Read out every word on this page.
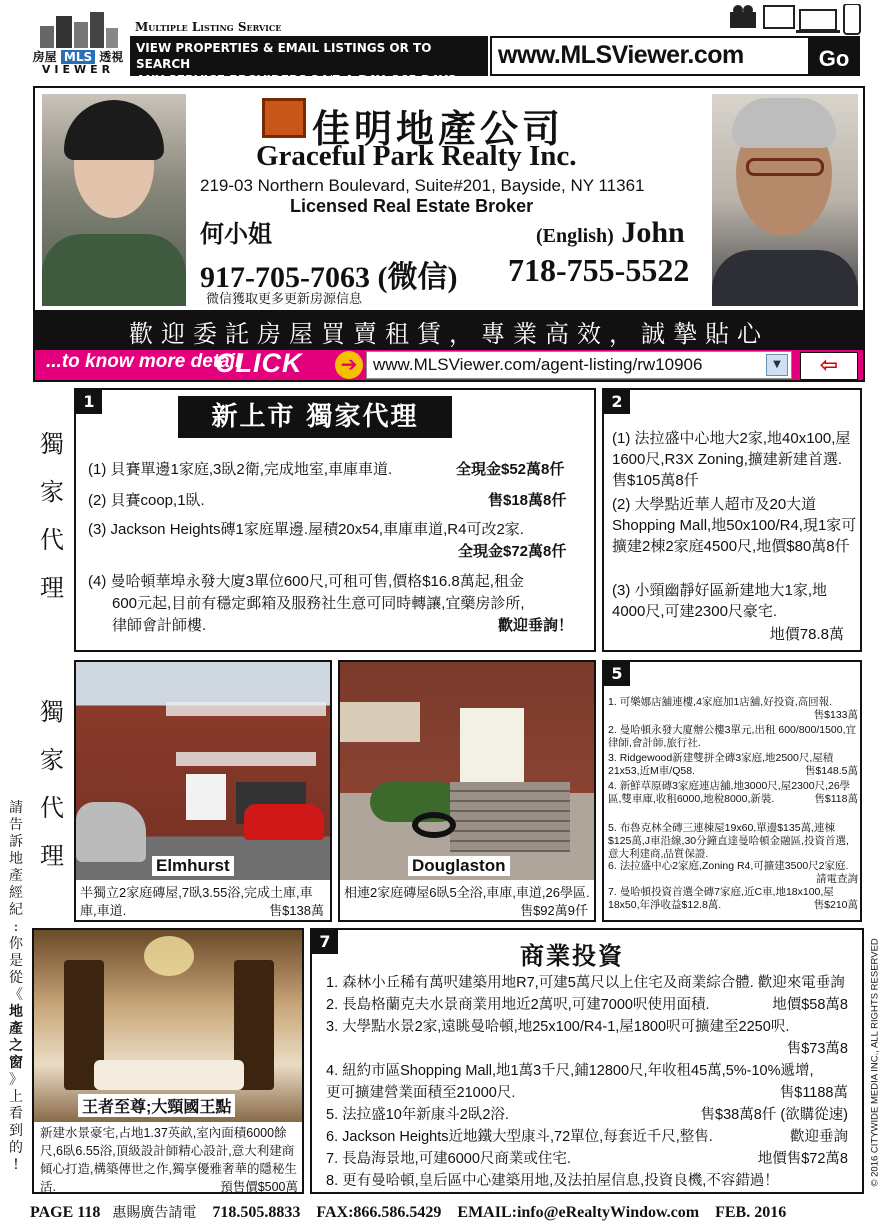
房屋 MLS 透視
VIEWER
Multiple Listing Service
VIEW PROPERTIES & EMAIL LISTINGS OR TO SEARCH
ANY SERVICE PROVIDERS 24/7 A DAY, 365 DAYS
www.MLSViewer.com	Go
佳明地產公司
Graceful Park Realty Inc.
219-03 Northern Boulevard, Suite#201, Bayside, NY 11361
Licensed Real Estate Broker
何小姐
917-705-7063 (微信)
微信獲取更多更新房源信息
(English) John
718-755-5522
歡迎委託房屋買賣租賃，專業高效，誠摯貼心
...to know more detail
CLICK ➔ www.MLSViewer.com/agent-listing/rw10906	▼	⇦
獨
家
代
理
獨
家
代
理
請
告
訴
地
產
經
紀
:
你
是
從
《
地
產
之
窗
》
上
看
到
的
!
1
新上市 獨家代理
(1) 貝賽單邊1家庭,3臥2衛,完成地室,車庫車道.	全現金$52萬8仟
(2) 貝賽coop,1臥.	售$18萬8仟
(3) Jackson Heights磚1家庭單邊.屋積20x54,車庫車道,R4可改2家.
全現金$72萬8仟
(4) 曼哈頓華埠永發大廈3單位600尺,可租可售,價格$16.8萬起,租金
600元起,目前有穩定郵箱及服務社生意可同時轉讓,宜藥房診所,
律師會計師樓.	歡迎垂詢！
2
(1) 法拉盛中心地大2家,地40x100,屋1600尺,R3X Zoning,擴建新建首選.　售$105萬8仟
(2) 大學點近華人超市及20大道Shopping Mall,地50x100/R4,現1家可擴建2棟2家庭4500尺,地價$80萬8仟
(3) 小頸幽靜好區新建地大1家,地4000尺,可建2300尺豪宅.
地價78.8萬
Elmhurst
半獨立2家庭磚屋,7臥3.55浴,完成土庫,車庫,車道.	售$138萬
Douglaston
相連2家庭磚屋6臥5全浴,車庫,車道,26學區.
售$92萬9仟
5
1. 可樂娜店舖連樓,4家庭加1店舖,好投資,高回報.
售$133萬
2. 曼哈頓永發大廈辦公樓3單元,出租 600/800/1500,宜律師,會計師,旅行社.
3. Ridgewood新建雙拼全磚3家庭,地2500尺,屋積21x53,近M車/Q58.	售$148.5萬
4. 新鮮草原磚3家庭連店舖,地3000尺,屋2300尺,26學區,雙車庫,收租6000,地稅8000,新裝.	售$118萬
5. 布魯克林全磚三連棟屋19x60,單邊$135萬,連棟$125萬,J車沿線,30分鐘直達曼哈頓金融區,投資首選,意大利建商,品質保證.
6. 法拉盛中心2家庭,Zoning R4,可擴建3500尺2家庭.
請電查詢
7. 曼哈頓投資首選全磚7家庭,近C車,地18x100,屋18x50,年淨收益$12.8萬.	售$210萬
王者至尊;大頸國王點
新建水景豪宅,占地1.37英畝,室內面積6000餘尺,6臥6.55浴,頂級設計師精心設計,意大利建商傾心打造,構築傳世之作,獨享優雅奢華的隱秘生活.	預售價$500萬
7
商業投資
1. 森林小丘稀有萬呎建築用地R7,可建5萬尺以上住宅及商業綜合體. 歡迎來電垂詢
2. 長島格蘭克夫水景商業用地近2萬呎,可建7000呎使用面積.	地價$58萬8
3. 大學點水景2家,遠眺曼哈頓,地25x100/R4-1,屋1800呎可擴建至2250呎.
售$73萬8
4. 紐約市區Shopping Mall,地1萬3千尺,鋪12800尺,年收租45萬,5%-10%遞增,更可擴建營業面積至21000尺.	售$1188萬
5. 法拉盛10年新康斗2臥2浴.	售$38萬8仟 (欲購從速)
6. Jackson Heights近地鐵大型康斗,72單位,每套近千尺,整售.	歡迎垂詢
7. 長島海景地,可建6000尺商業或住宅.	地價售$72萬8
8. 更有曼哈頓,皇后區中心建築用地,及法拍屋信息,投資良機,不容錯過！	© 2016 CITYWIDE MEDIA INC., ALL RIGHTS RESERVED
PAGE 118 惠賜廣告請電 718.505.8833 FAX:866.586.5429 EMAIL:info@eRealtyWindow.com FEB. 2016
